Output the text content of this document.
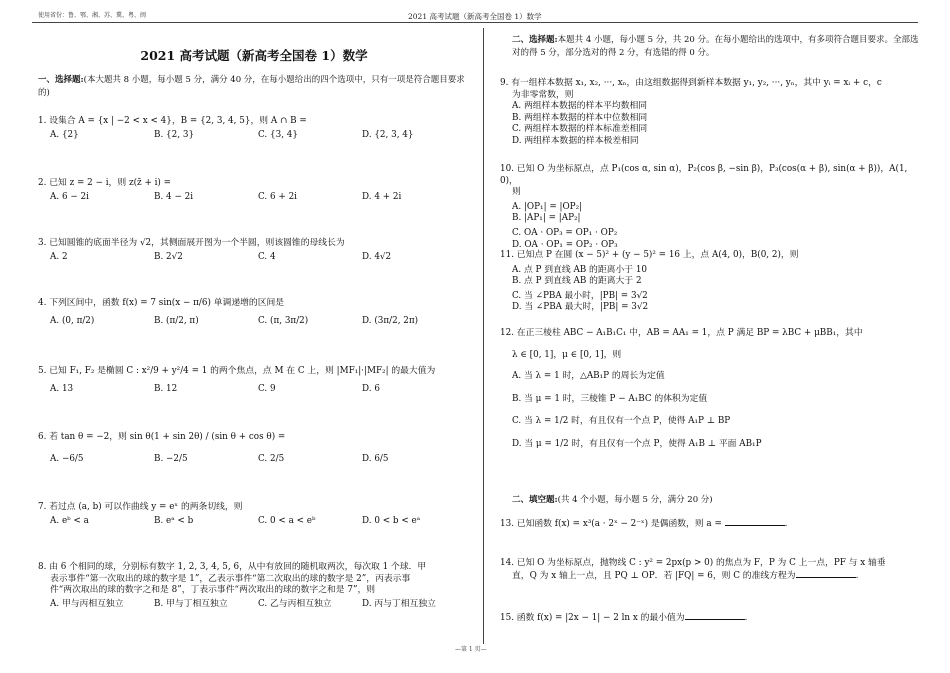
使用省份：鲁、鄂、湘、苏、冀、粤、闽	2021 高考试题（新高考全国卷 1）数学
—第 1 页—
2021 高考试题（新高考全国卷 1）数学
一、选择题:(本大题共 8 小题，每小题 5 分，满分 40 分，在每小题给出的四个选项中，只有一项是符合题目要求的)
1. 设集合 A = {x | −2 < x < 4}，B = {2, 3, 4, 5}，则 A ∩ B =
A. {2}	B. {2, 3}	C. {3, 4}	D. {2, 3, 4}
2. 已知 z = 2 − i，则 z(z̄ + i) =
A. 6 − 2i	B. 4 − 2i	C. 6 + 2i	D. 4 + 2i
3. 已知圆锥的底面半径为 √2，其侧面展开图为一个半圆，则该圆锥的母线长为
A. 2	B. 2√2	C. 4	D. 4√2
4. 下列区间中，函数 f(x) = 7 sin(x − π/6) 单调递增的区间是
A. (0, π/2)	B. (π/2, π)	C. (π, 3π/2)	D. (3π/2, 2π)
5. 已知 F₁, F₂ 是椭圆 C : x²/9 + y²/4 = 1 的两个焦点，点 M 在 C 上，则 |MF₁|·|MF₂| 的最大值为
A. 13	B. 12	C. 9	D. 6
6. 若 tan θ = −2，则 sin θ(1 + sin 2θ) / (sin θ + cos θ) =
A. −6/5	B. −2/5	C. 2/5	D. 6/5
7. 若过点 (a, b) 可以作曲线 y = eˣ 的两条切线，则
A. eᵇ < a	B. eᵃ < b	C. 0 < a < eᵇ	D. 0 < b < eᵃ
8. 由 6 个相同的球，分别标有数字 1, 2, 3, 4, 5, 6，从中有放回的随机取两次，每次取 1 个球．甲
表示事件“第一次取出的球的数字是 1”，乙表示事件“第二次取出的球的数字是 2”，丙表示事
件“两次取出的球的数字之和是 8”，丁表示事件“两次取出的球的数字之和是 7”，则
A. 甲与丙相互独立	B. 甲与丁相互独立	C. 乙与丙相互独立	D. 丙与丁相互独立
二、选择题:本题共 4 小题，每小题 5 分，共 20 分。在每小题给出的选项中，有多项符合题目要求。全部选对的得 5 分，部分选对的得 2 分，有选错的得 0 分。
9. 有一组样本数据 x₁, x₂, ···, xₙ，由这组数据得到新样本数据 y₁, y₂, ···, yₙ，其中 yᵢ = xᵢ + c，c
为非零常数，则
A. 两组样本数据的样本平均数相同B. 两组样本数据的样本中位数相同
C. 两组样本数据的样本标准差相同D. 两组样本数据的样本极差相同
10. 已知 O 为坐标原点，点 P₁(cos α, sin α)，P₂(cos β, −sin β)，P₃(cos(α + β), sin(α + β))，A(1, 0)，
则
A. |OP₁| = |OP₂|B. |AP₁| = |AP₂|
C. OA · OP₃ = OP₁ · OP₂D. OA · OP₁ = OP₂ · OP₃
11. 已知点 P 在圆 (x − 5)² + (y − 5)² = 16 上，点 A(4, 0)，B(0, 2)，则
A. 点 P 到直线 AB 的距离小于 10B. 点 P 到直线 AB 的距离大于 2
C. 当 ∠PBA 最小时，|PB| = 3√2D. 当 ∠PBA 最大时，|PB| = 3√2
12. 在正三棱柱 ABC − A₁B₁C₁ 中，AB = AA₁ = 1，点 P 满足 BP = λBC + μBB₁，其中
λ ∈ [0, 1]，μ ∈ [0, 1]，则
A. 当 λ = 1 时，△AB₁P 的周长为定值
B. 当 μ = 1 时，三棱锥 P − A₁BC 的体积为定值
C. 当 λ = 1/2 时，有且仅有一个点 P，使得 A₁P ⊥ BP
D. 当 μ = 1/2 时，有且仅有一个点 P，使得 A₁B ⊥ 平面 AB₁P
二、填空题:(共 4 个小题，每小题 5 分，满分 20 分)
13. 已知函数 f(x) = x³(a · 2ˣ − 2⁻ˣ) 是偶函数，则 a =	.
14. 已知 O 为坐标原点，抛物线 C : y² = 2px(p > 0) 的焦点为 F，P 为 C 上一点，PF 与 x 轴垂
直，Q 为 x 轴上一点，且 PQ ⊥ OP．若 |FQ| = 6，则 C 的准线方程为	.
15. 函数 f(x) = |2x − 1| − 2 ln x 的最小值为	.
